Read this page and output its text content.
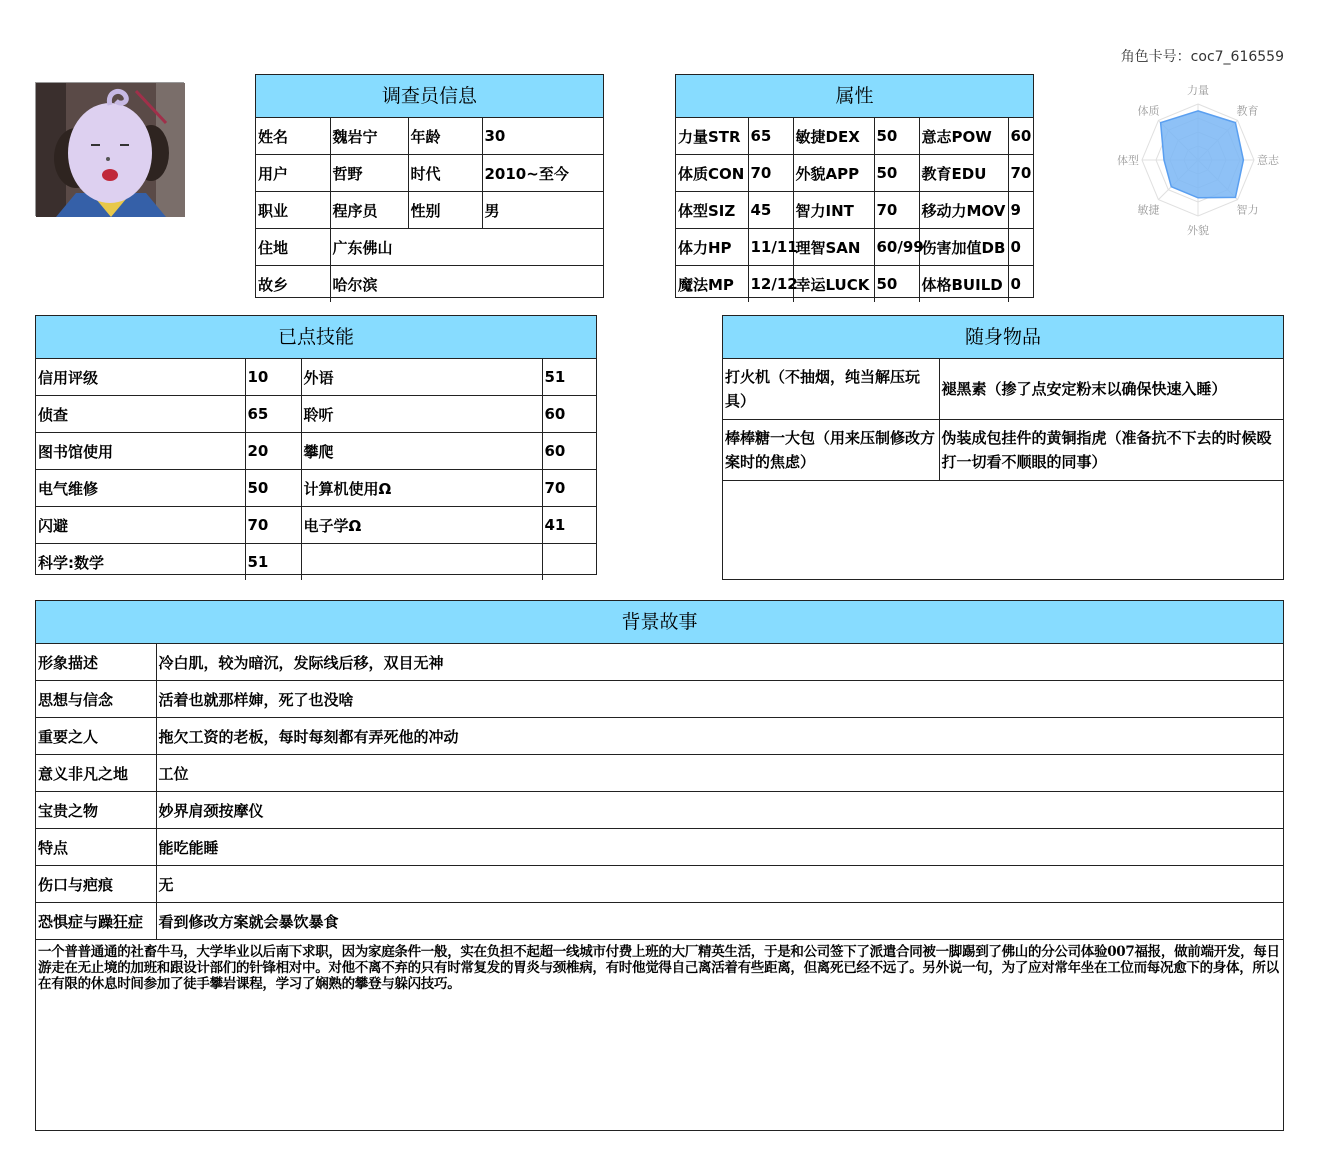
角色卡号：coc7_616559
调查员信息
姓名	魏岩宁	年龄	30
用户	哲野	时代	2010~至今
职业	程序员	性别	男
住地	广东佛山		
故乡	哈尔滨		
属性
力量STR	65	敏捷DEX	50	意志POW	60
体质CON	70	外貌APP	50	教育EDU	70
体型SIZ	45	智力INT	70	移动力MOV	9
体力HP	11/11	理智SAN	60/99	伤害加值DB	0
魔法MP	12/12	幸运LUCK	50	体格BUILD	0
力量
教育
意志
智力
外貌
敏捷
体型
体质
已点技能
信用评级	10	外语	51
侦查	65	聆听	60
图书馆使用	20	攀爬	60
电气维修	50	计算机使用Ω	70
闪避	70	电子学Ω	41
科学:数学	51		
随身物品
打火机（不抽烟，纯当解压玩具）	褪黑素（掺了点安定粉末以确保快速入睡）
棒棒糖一大包（用来压制修改方案时的焦虑）	伪装成包挂件的黄铜指虎（准备抗不下去的时候殴打一切看不顺眼的同事）
背景故事
形象描述	冷白肌，较为暗沉，发际线后移，双目无神
思想与信念	活着也就那样婶，死了也没啥
重要之人	拖欠工资的老板，每时每刻都有弄死他的冲动
意义非凡之地	工位
宝贵之物	妙界肩颈按摩仪
特点	能吃能睡
伤口与疤痕	无
恐惧症与躁狂症	看到修改方案就会暴饮暴食
一个普普通通的社畜牛马，大学毕业以后南下求职，因为家庭条件一般，实在负担不起超一线城市付费上班的大厂精英生活，于是和公司签下了派遣合同被一脚踢到了佛山的分公司体验007福报，做前端开发，每日游走在无止境的加班和跟设计部们的针锋相对中。对他不离不弃的只有时常复发的胃炎与颈椎病，有时他觉得自己离活着有些距离，但离死已经不远了。另外说一句，为了应对常年坐在工位而每况愈下的身体，所以在有限的休息时间参加了徒手攀岩课程，学习了娴熟的攀登与躲闪技巧。
